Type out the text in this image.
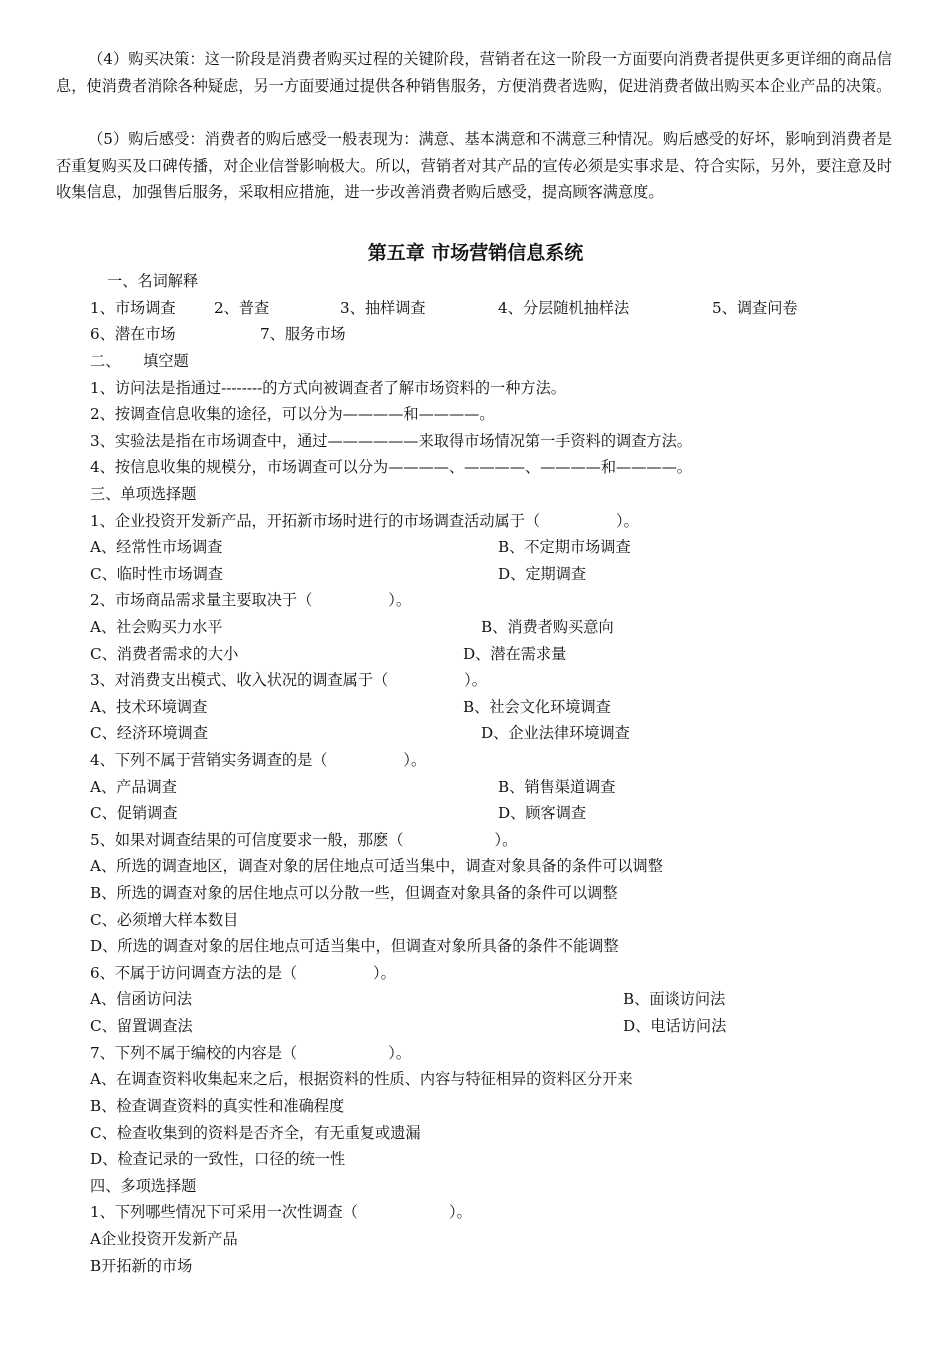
（4）购买决策：这一阶段是消费者购买过程的关键阶段，营销者在这一阶段一方面要向消费者提供更多更详细的商品信息，使消费者消除各种疑虑，另一方面要通过提供各种销售服务，方便消费者选购，促进消费者做出购买本企业产品的决策。

（5）购后感受：消费者的购后感受一般表现为：满意、基本满意和不满意三种情况。购后感受的好坏，影响到消费者是否重复购买及口碑传播，对企业信誉影响极大。所以，营销者对其产品的宣传必须是实事求是、符合实际，另外，要注意及时收集信息，加强售后服务，采取相应措施，进一步改善消费者购后感受，提高顾客满意度。

第五章 市场营销信息系统

一、名词解释

1、市场调查	2、普查	3、抽样调查	4、分层随机抽样法	5、调查问卷

6、潜在市场	7、服务市场

二、　　填空题

1、访问法是指通过--------的方式向被调查者了解市场资料的一种方法。

2、按调查信息收集的途径，可以分为————和————。

3、实验法是指在市场调查中，通过——————来取得市场情况第一手资料的调查方法。

4、按信息收集的规模分，市场调查可以分为————、————、————和————。

三、单项选择题

1、企业投资开发新产品，开拓新市场时进行的市场调查活动属于（　　　　　）。

A、经常性市场调查	B、不定期市场调查

C、临时性市场调查	D、定期调查

2、市场商品需求量主要取决于（　　　　　）。

A、社会购买力水平	B、消费者购买意向

C、消费者需求的大小	D、潜在需求量

3、对消费支出模式、收入状况的调查属于（　　　　　）。

A、技术环境调查	B、社会文化环境调查

C、经济环境调查	D、企业法律环境调查

4、下列不属于营销实务调查的是（　　　　　）。

A、产品调查	B、销售渠道调查

C、促销调查	D、顾客调查

5、如果对调查结果的可信度要求一般，那麽（　　　　　　）。

A、所选的调查地区，调查对象的居住地点可适当集中，调查对象具备的条件可以调整

B、所选的调查对象的居住地点可以分散一些，但调查对象具备的条件可以调整

C、必须增大样本数目

D、所选的调查对象的居住地点可适当集中，但调查对象所具备的条件不能调整

6、不属于访问调查方法的是（　　　　　）。

A、信函访问法	B、面谈访问法

C、留置调查法	D、电话访问法

7、下列不属于编校的内容是（　　　　　　）。

A、在调查资料收集起来之后，根据资料的性质、内容与特征相异的资料区分开来

B、检查调查资料的真实性和准确程度

C、检查收集到的资料是否齐全，有无重复或遗漏

D、检查记录的一致性，口径的统一性

四、多项选择题

1、下列哪些情况下可采用一次性调查（　　　　　　）。

A企业投资开发新产品

B开拓新的市场
